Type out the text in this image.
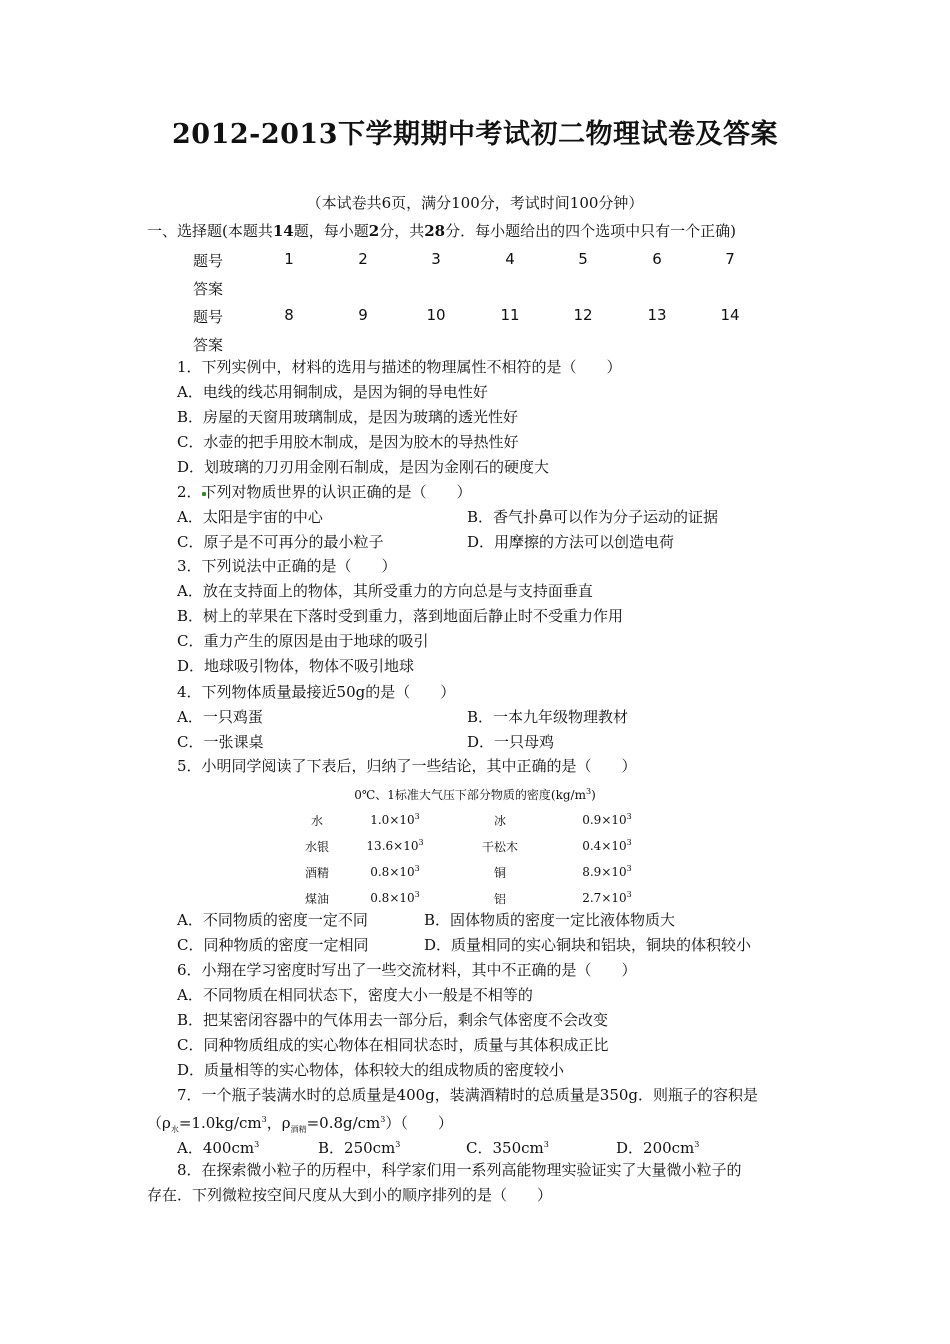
2012-2013下学期期中考试初二物理试卷及答案
（本试卷共6页，满分100分，考试时间100分钟）
一、选择题(本题共14题，每小题2分，共28分．每小题给出的四个选项中只有一个正确)
题号	1	2	3	4	5	6	7
答案
题号	8	9	10	11	12	13	14
答案
1．下列实例中，材料的选用与描述的物理属性不相符的是（　　）
A．电线的线芯用铜制成，是因为铜的导电性好
B．房屋的天窗用玻璃制成，是因为玻璃的透光性好
C．水壶的把手用胶木制成，是因为胶木的导热性好
D．划玻璃的刀刃用金刚石制成，是因为金刚石的硬度大
2．下列对物质世界的认识正确的是（　　）
A．太阳是宇宙的中心	B．香气扑鼻可以作为分子运动的证据
C．原子是不可再分的最小粒子	D．用摩擦的方法可以创造电荷
3．下列说法中正确的是（　　）
A．放在支持面上的物体，其所受重力的方向总是与支持面垂直
B．树上的苹果在下落时受到重力，落到地面后静止时不受重力作用
C．重力产生的原因是由于地球的吸引
D．地球吸引物体，物体不吸引地球
4．下列物体质量最接近50g的是（　　）
A．一只鸡蛋	B．一本九年级物理教材
C．一张课桌	D．一只母鸡
5．小明同学阅读了下表后，归纳了一些结论，其中正确的是（　　）
0℃、1标准大气压下部分物质的密度$(kg/m^3)$
水	$1.0\times 10^3$	冰	$0.9\times 10^3$
水银	$13.6\times 10^3$	干松木	$0.4\times 10^3$
酒精	$0.8\times 10^3$	铜	$8.9\times 10^3$
煤油	$0.8\times 10^3$	铝	$2.7\times 10^3$
A．不同物质的密度一定不同	B．固体物质的密度一定比液体物质大
C．同种物质的密度一定相同	D．质量相同的实心铜块和铝块，铜块的体积较小
6．小翔在学习密度时写出了一些交流材料，其中不正确的是（　　）
A．不同物质在相同状态下，密度大小一般是不相等的
B．把某密闭容器中的气体用去一部分后，剩余气体密度不会改变
C．同种物质组成的实心物体在相同状态时，质量与其体积成正比
D．质量相等的实心物体，体积较大的组成物质的密度较小
7．一个瓶子装满水时的总质量是400g，装满酒精时的总质量是350g．则瓶子的容积是
（$\rho_水=1.0kg/cm^3$，$\rho_{酒精}=0.8g/cm^3$）（　　）
A．$400cm^3$	B．$250cm^3$	C．$350cm^3$	D．$200cm^3$
8．在探索微小粒子的历程中，科学家们用一系列高能物理实验证实了大量微小粒子的
存在．下列微粒按空间尺度从大到小的顺序排列的是（　　）
